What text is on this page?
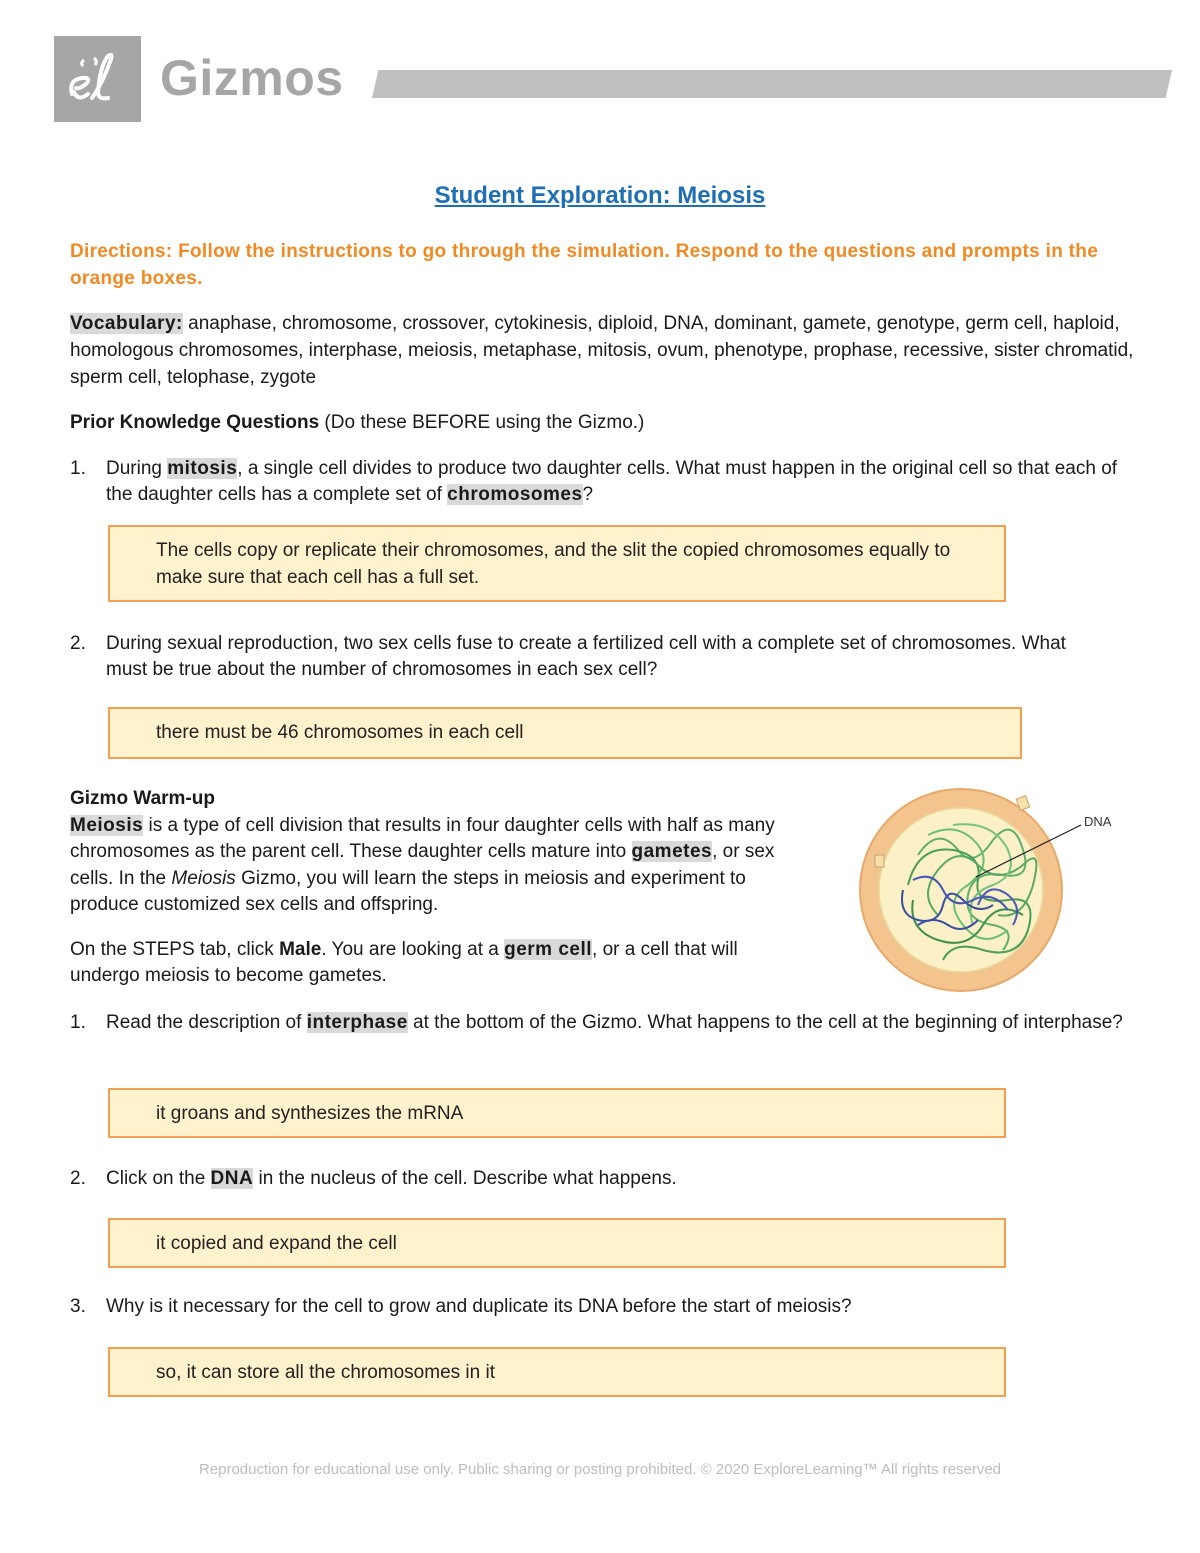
Gizmos
Student Exploration: Meiosis
Directions: Follow the instructions to go through the simulation. Respond to the questions and prompts in the orange boxes.
Vocabulary: anaphase, chromosome, crossover, cytokinesis, diploid, DNA, dominant, gamete, genotype, germ cell, haploid, homologous chromosomes, interphase, meiosis, metaphase, mitosis, ovum, phenotype, prophase, recessive, sister chromatid, sperm cell, telophase, zygote
Prior Knowledge Questions (Do these BEFORE using the Gizmo.)
1.	During mitosis, a single cell divides to produce two daughter cells. What must happen in the original cell so that each of the daughter cells has a complete set of chromosomes?
The cells copy or replicate their chromosomes, and the slit the copied chromosomes equally to make sure that each cell has a full set.
2.	During sexual reproduction, two sex cells fuse to create a fertilized cell with a complete set of chromosomes. What must be true about the number of chromosomes in each sex cell?
there must be 46 chromosomes in each cell
Gizmo Warm-up

Meiosis is a type of cell division that results in four daughter cells with half as many chromosomes as the parent cell. These daughter cells mature into gametes, or sex cells. In the Meiosis Gizmo, you will learn the steps in meiosis and experiment to produce customized sex cells and offspring.

On the STEPS tab, click Male. You are looking at a germ cell, or a cell that will undergo meiosis to become gametes.

DNA
1.	Read the description of interphase at the bottom of the Gizmo. What happens to the cell at the beginning of interphase?
it groans and synthesizes the mRNA
2.	Click on the DNA in the nucleus of the cell. Describe what happens.
it copied and expand the cell
3.	Why is it necessary for the cell to grow and duplicate its DNA before the start of meiosis?
so, it can store all the chromosomes in it
Reproduction for educational use only. Public sharing or posting prohibited. © 2020 ExploreLearning™ All rights reserved
